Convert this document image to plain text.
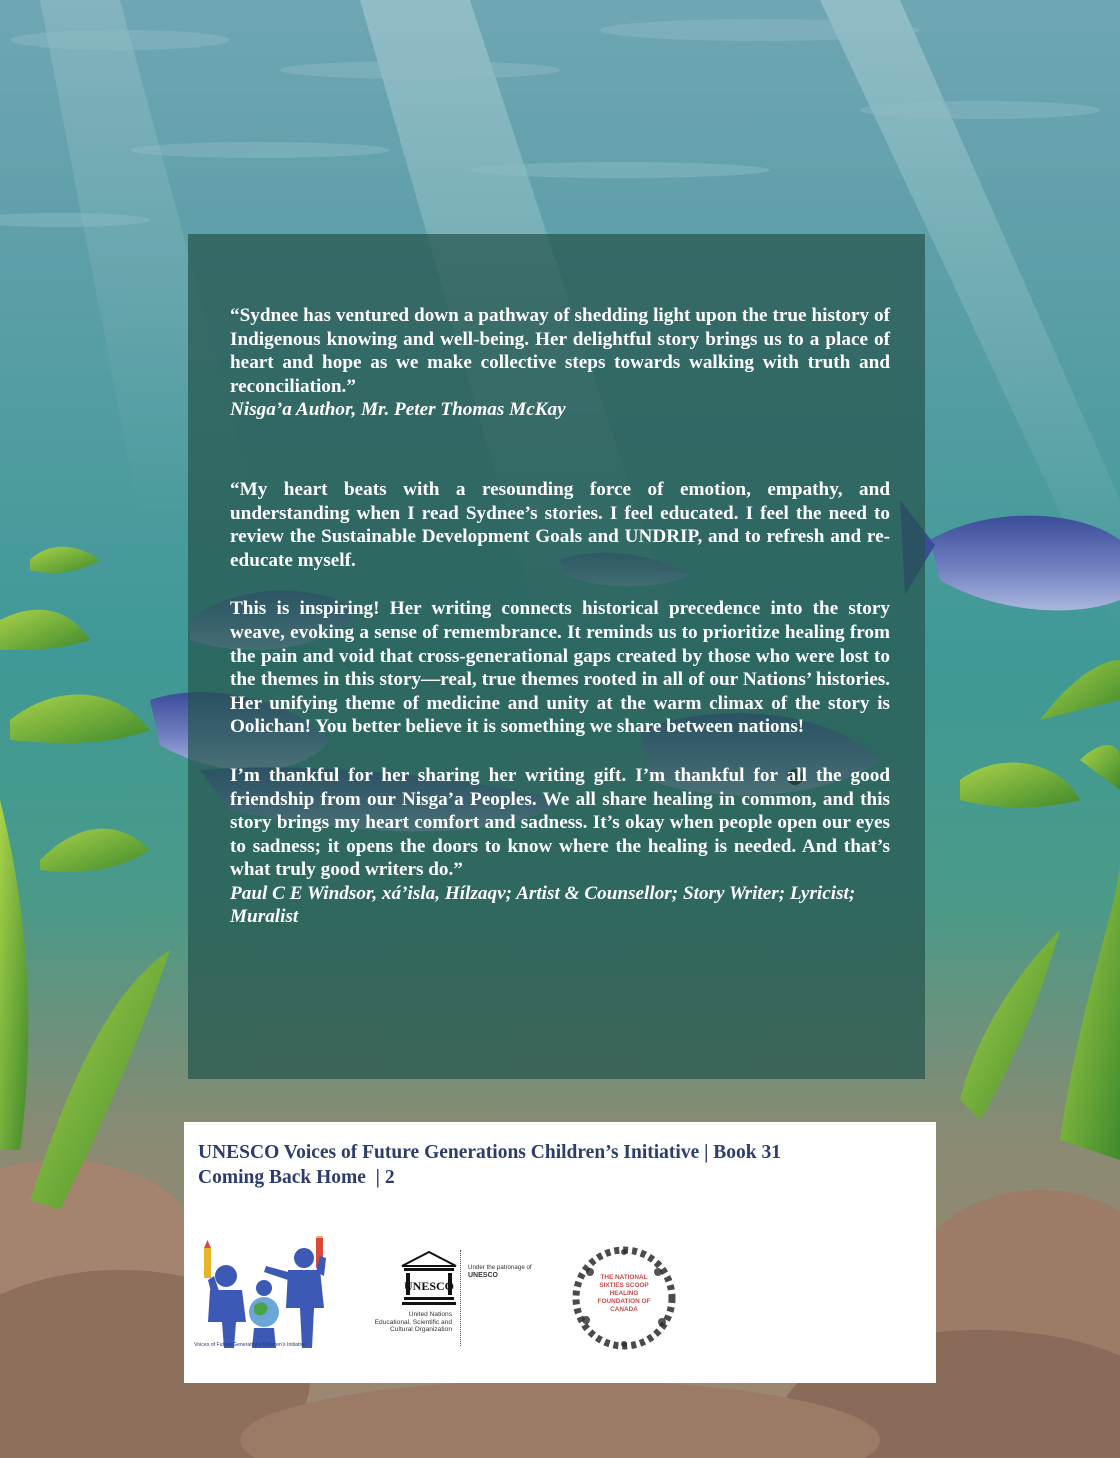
“Sydnee has ventured down a pathway of shedding light upon the true history of Indigenous knowing and well-being. Her delightful story brings us to a place of heart and hope as we make collective steps towards walking with truth and reconciliation.”

Nisga’a Author, Mr. Peter Thomas McKay

“My heart beats with a resounding force of emotion, empathy, and understanding when I read Sydnee’s stories. I feel educated. I feel the need to review the Sustainable Development Goals and UNDRIP, and to refresh and re-educate myself.

This is inspiring! Her writing connects historical precedence into the story weave, evoking a sense of remembrance. It reminds us to prioritize healing from the pain and void that cross-generational gaps created by those who were lost to the themes in this story—real, true themes rooted in all of our Nations’ histories. Her unifying theme of medicine and unity at the warm climax of the story is Oolichan! You better believe it is something we share between nations!

I’m thankful for her sharing her writing gift. I’m thankful for all the good friendship from our Nisga’a Peoples. We all share healing in common, and this story brings my heart comfort and sadness. It’s okay when people open our eyes to sadness; it opens the doors to know where the healing is needed. And that’s what truly good writers do.”

Paul C E Windsor, xá’isla, Hílzaqv; Artist & Counsellor; Story Writer; Lyricist; Muralist

UNESCO Voices of Future Generations Children’s Initiative | Book 31
Coming Back Home  | 2
Voices of Future Generations Children’s Initiative
UNESCO
United Nations
Educational, Scientific and
Cultural Organization
Under the patronage of
UNESCO	THE NATIONAL
SIXTIES SCOOP
HEALING
FOUNDATION OF
CANADA
